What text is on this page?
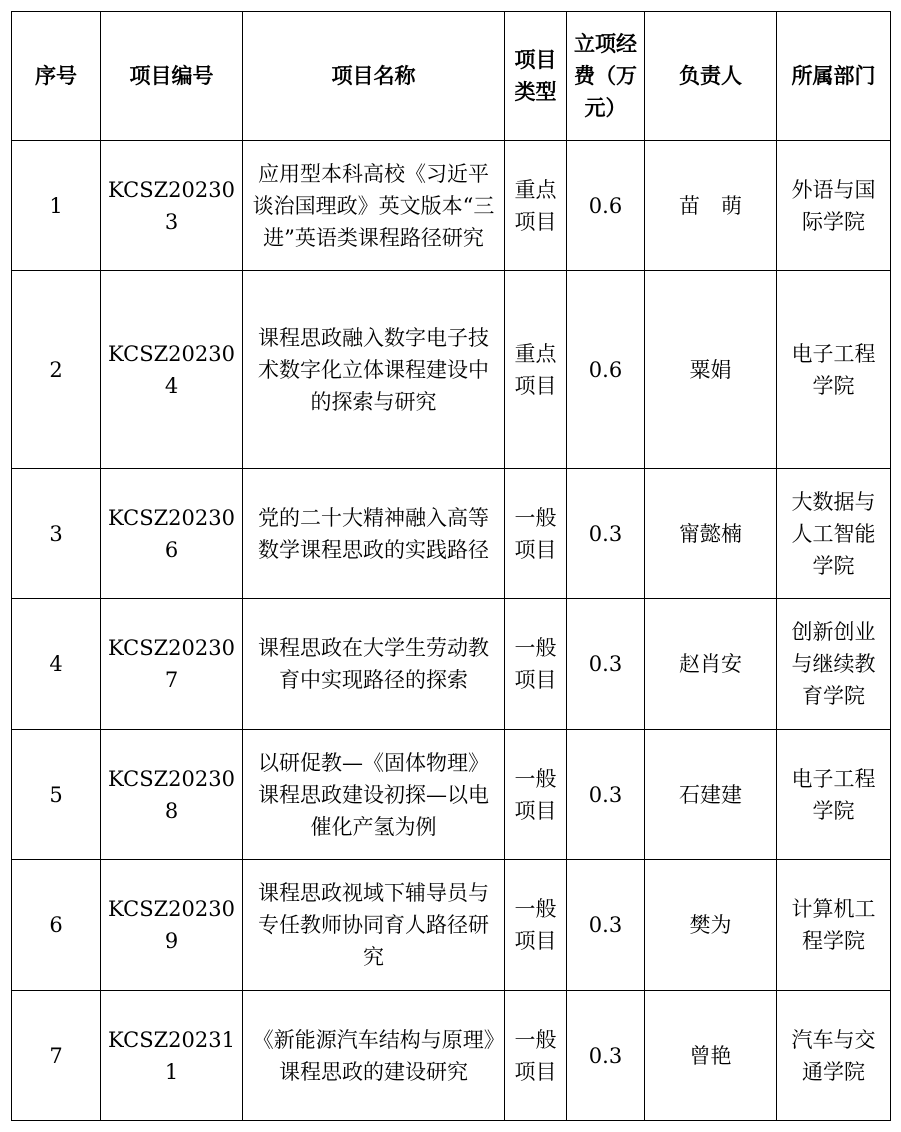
序号	项目编号	项目名称	项目类型	立项经费（万元）	负责人	所属部门
1	KCSZ202303	应用型本科高校《习近平谈治国理政》英文版本“三进”英语类课程路径研究	重点项目	0.6	苗　萌	外语与国际学院
2	KCSZ202304	课程思政融入数字电子技术数字化立体课程建设中的探索与研究	重点项目	0.6	粟娟	电子工程学院
3	KCSZ202306	党的二十大精神融入高等数学课程思政的实践路径	一般项目	0.3	甯懿楠	大数据与人工智能学院
4	KCSZ202307	课程思政在大学生劳动教育中实现路径的探索	一般项目	0.3	赵肖安	创新创业与继续教育学院
5	KCSZ202308	以研促教—《固体物理》课程思政建设初探—以电催化产氢为例	一般项目	0.3	石建建	电子工程学院
6	KCSZ202309	课程思政视域下辅导员与专任教师协同育人路径研究	一般项目	0.3	樊为	计算机工程学院
7	KCSZ202311	《新能源汽车结构与原理》课程思政的建设研究	一般项目	0.3	曾艳	汽车与交通学院
